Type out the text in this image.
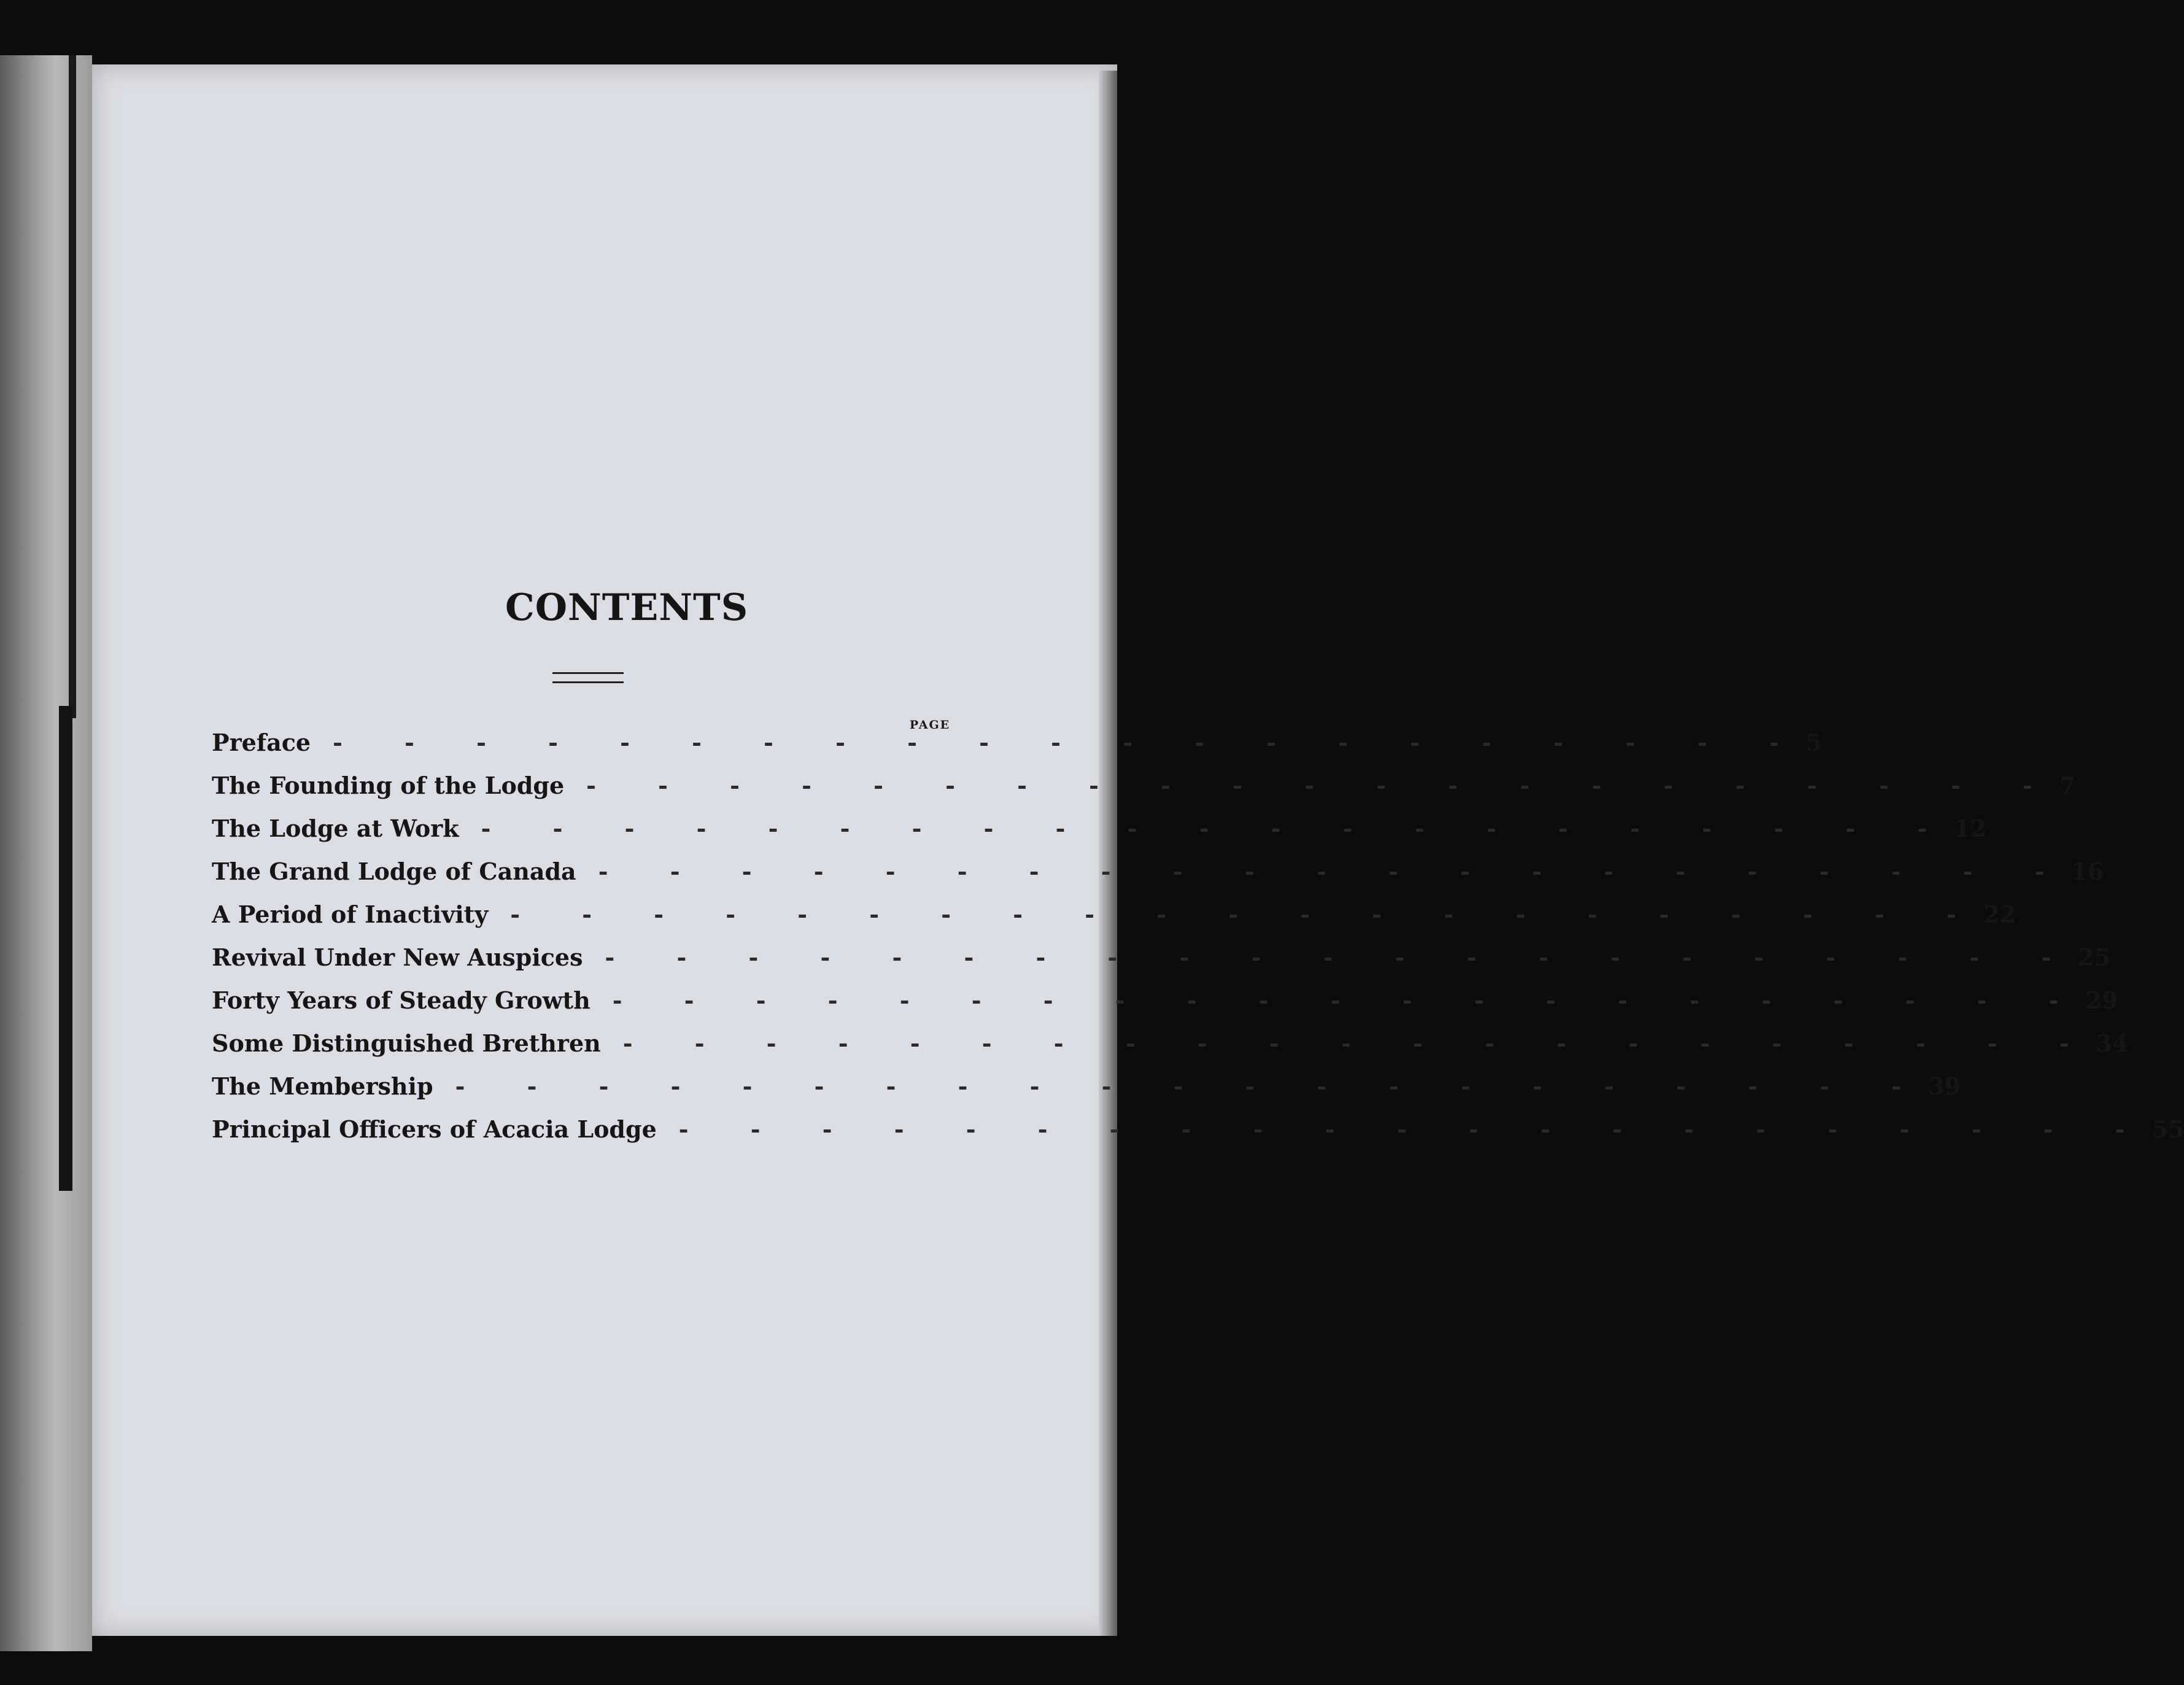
CONTENTS
PAGE
Preface - - - - - - - - - - - - - - - - - - - - - 5
The Founding of the Lodge - - - - - - - - - - - - - - - - - - - - - 7
The Lodge at Work - - - - - - - - - - - - - - - - - - - - - 12
The Grand Lodge of Canada - - - - - - - - - - - - - - - - - - - - - 16
A Period of Inactivity - - - - - - - - - - - - - - - - - - - - - 22
Revival Under New Auspices - - - - - - - - - - - - - - - - - - - - - 25
Forty Years of Steady Growth - - - - - - - - - - - - - - - - - - - - - 29
Some Distinguished Brethren - - - - - - - - - - - - - - - - - - - - - 34
The Membership - - - - - - - - - - - - - - - - - - - - - 39
Principal Officers of Acacia Lodge - - - - - - - - - - - - - - - - - - - - - 55
